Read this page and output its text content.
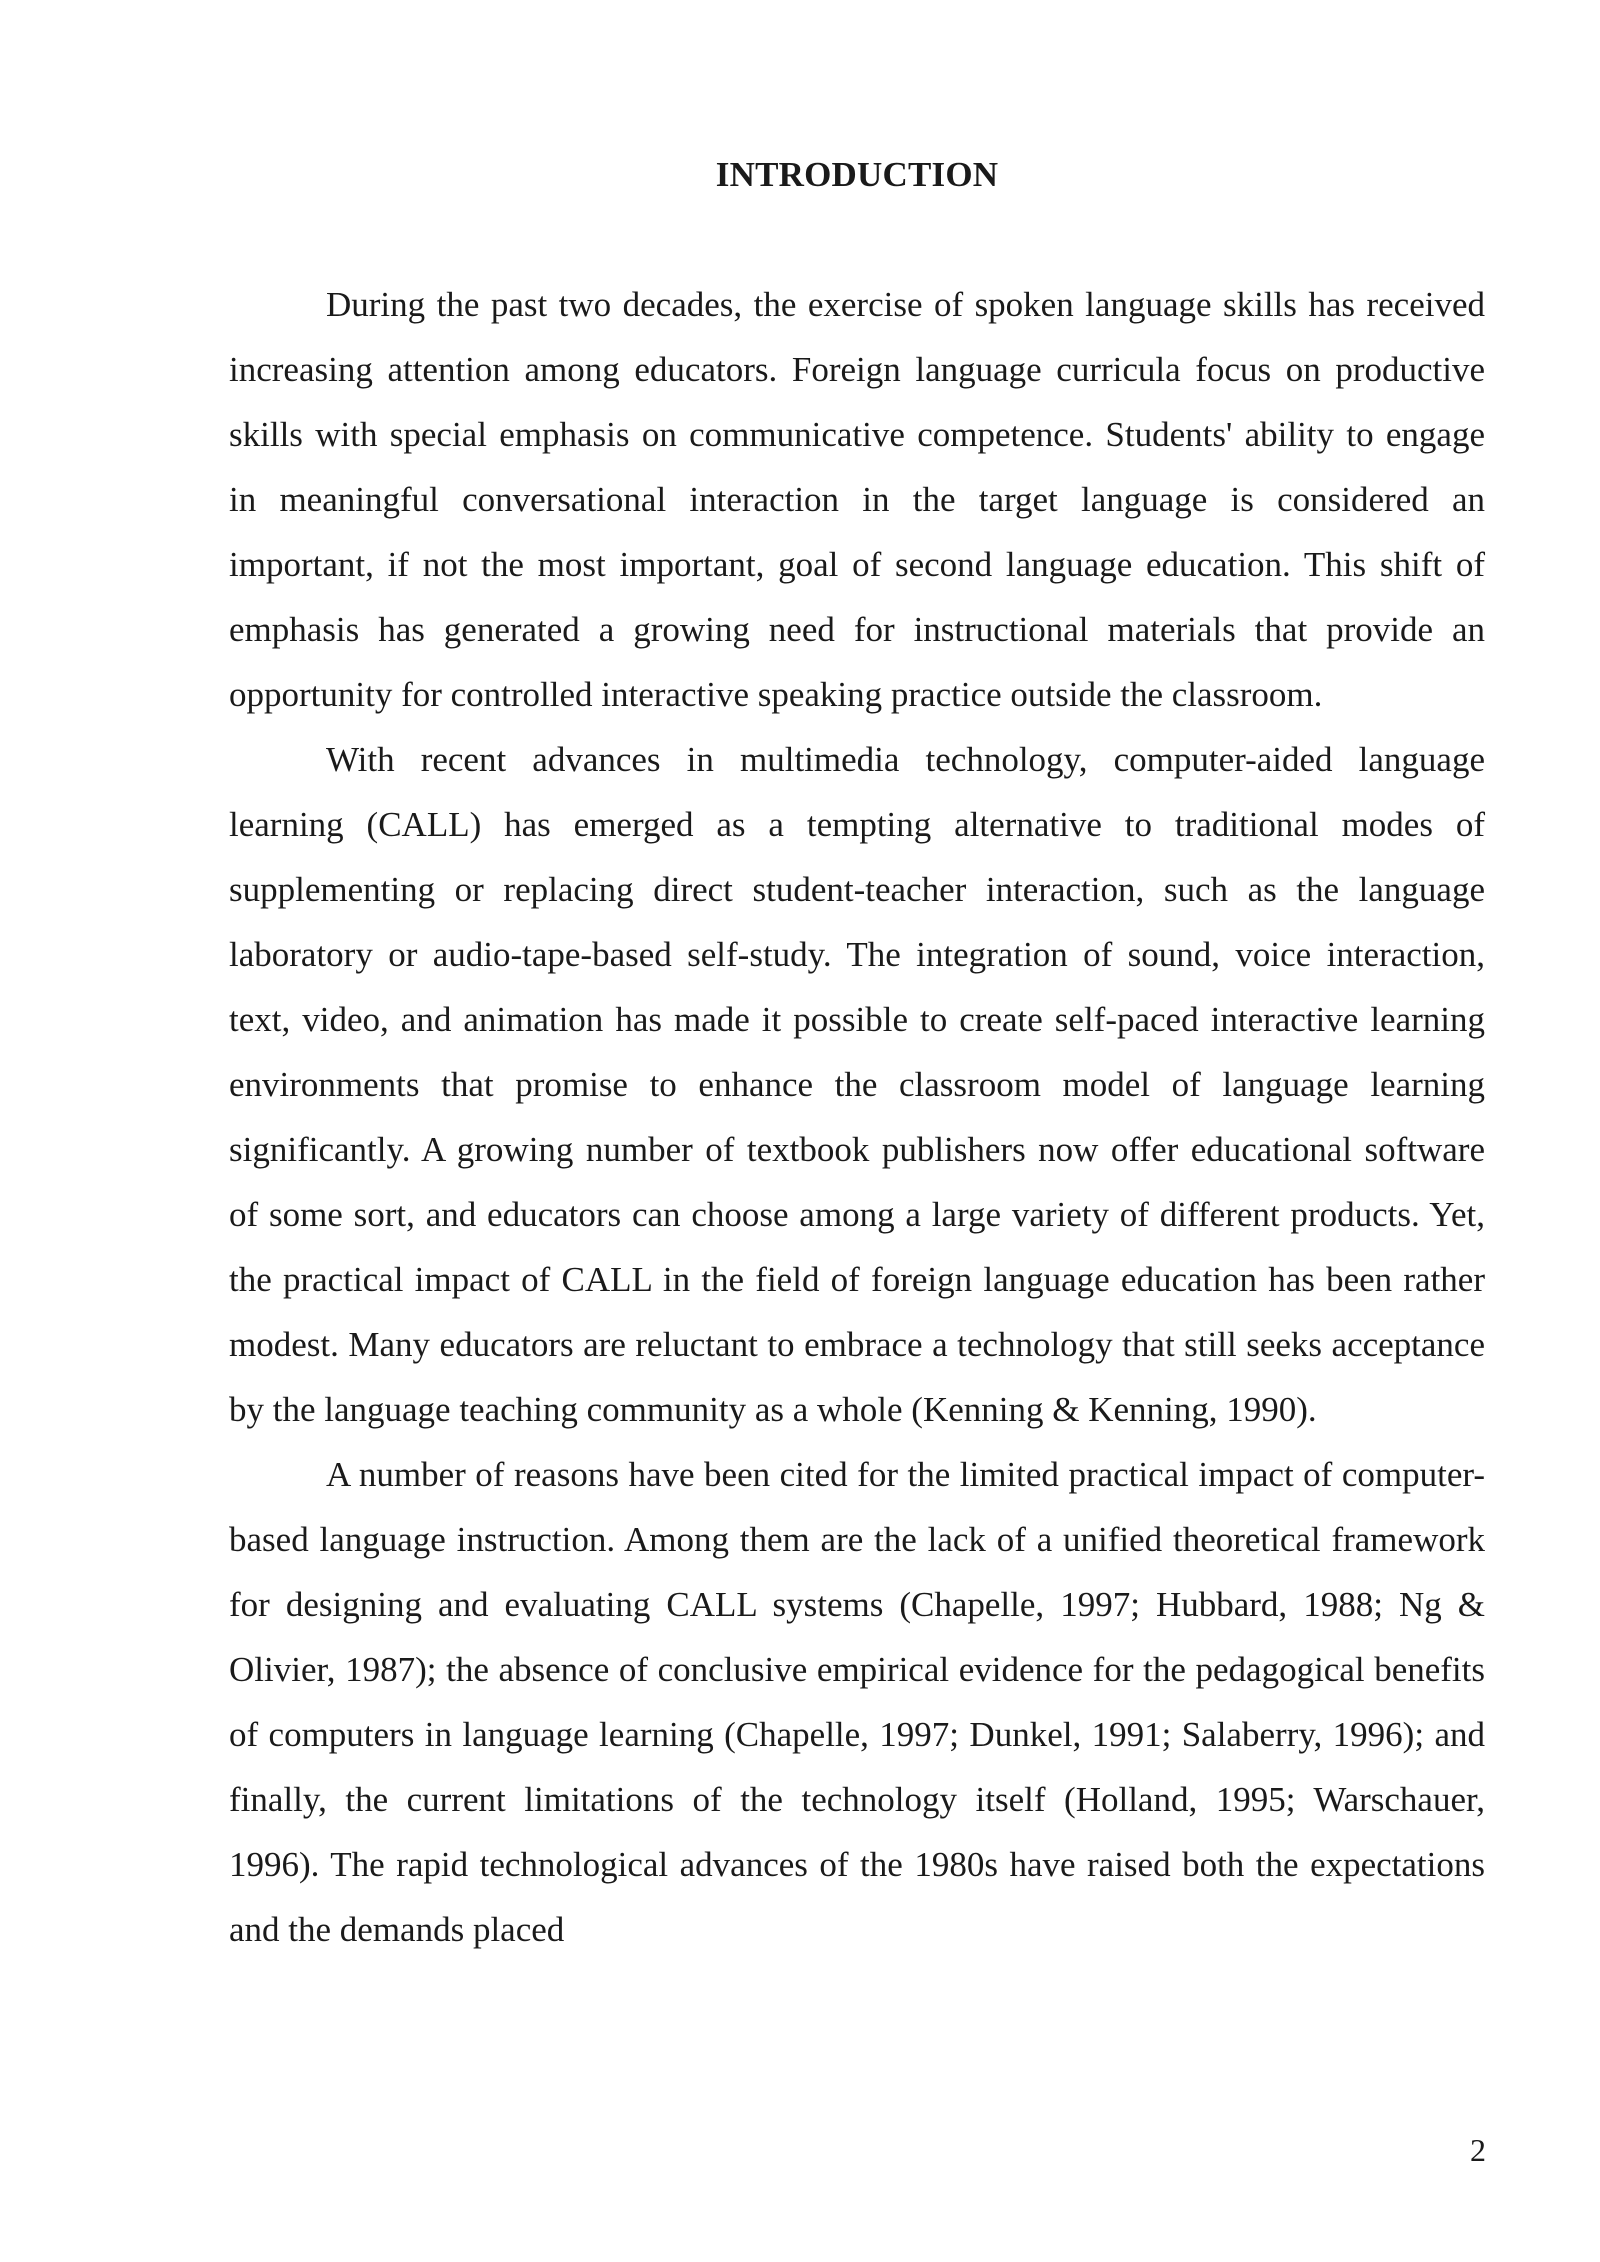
INTRODUCTION

During the past two decades, the exercise of spoken language skills has received increasing attention among educators. Foreign language curricula focus on productive skills with special emphasis on communicative competence. Students' ability to engage in meaningful conversational interaction in the target language is considered an important, if not the most important, goal of second language education. This shift of emphasis has generated a growing need for instructional materials that provide an opportunity for controlled interactive speaking practice outside the classroom.

With recent advances in multimedia technology, computer-aided language learning (CALL) has emerged as a tempting alternative to traditional modes of supplementing or replacing direct student-teacher interaction, such as the language laboratory or audio-tape-based self-study. The integration of sound, voice interaction, text, video, and animation has made it possible to create self-paced interactive learning environments that promise to enhance the classroom model of language learning significantly. A growing number of textbook publishers now offer educational software of some sort, and educators can choose among a large variety of different products. Yet, the practical impact of CALL in the field of foreign language education has been rather modest. Many educators are reluctant to embrace a technology that still seeks acceptance by the language teaching community as a whole (Kenning & Kenning, 1990).

A number of reasons have been cited for the limited practical impact of computer-based language instruction. Among them are the lack of a unified theoretical framework for designing and evaluating CALL systems (Chapelle, 1997; Hubbard, 1988; Ng & Olivier, 1987); the absence of conclusive empirical evidence for the pedagogical benefits of computers in language learning (Chapelle, 1997; Dunkel, 1991; Salaberry, 1996); and finally, the current limitations of the technology itself (Holland, 1995; Warschauer, 1996). The rapid technological advances of the 1980s have raised both the expectations and the demands placed

2
